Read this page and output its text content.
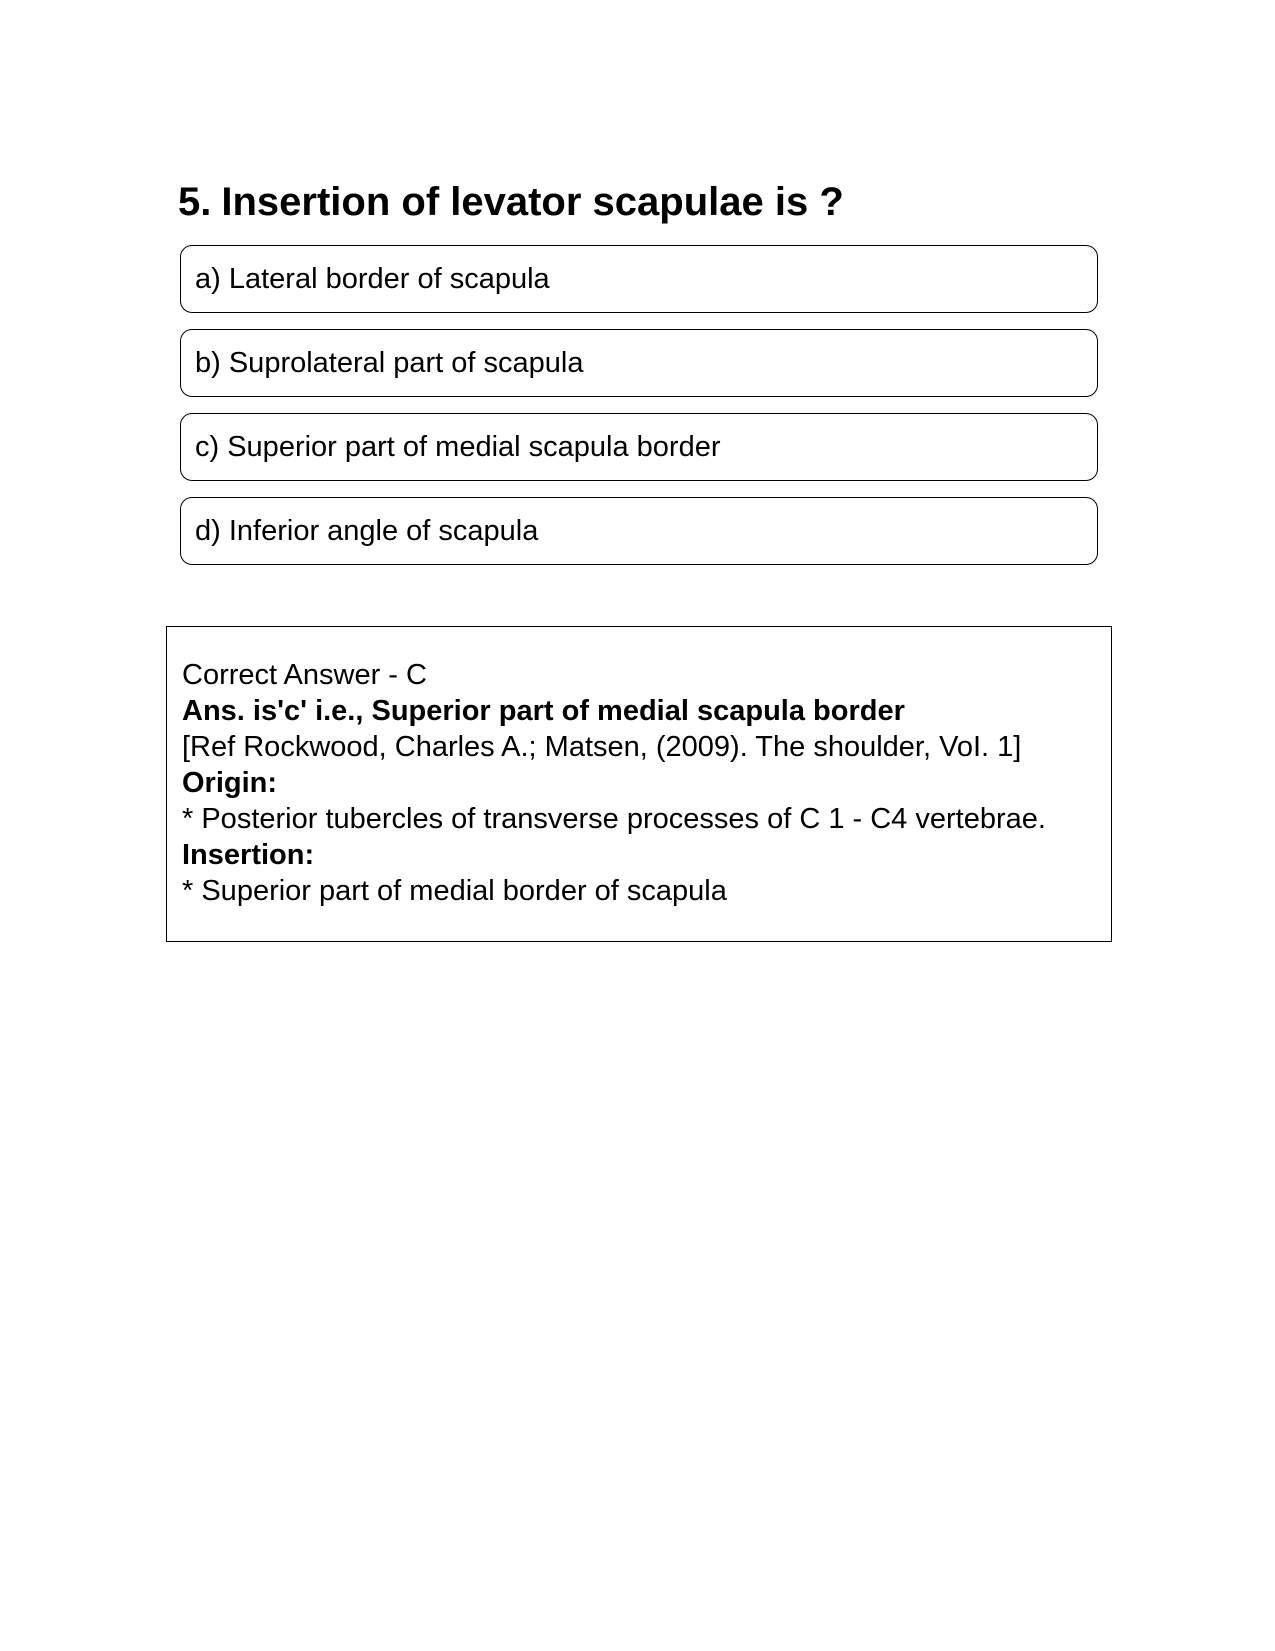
5. Insertion of levator scapulae is ?
a) Lateral border of scapula
b) Suprolateral part of scapula
c) Superior part of medial scapula border
d) Inferior angle of scapula
Correct Answer - C
Ans. is'c' i.e., Superior part of medial scapula border
[Ref Rockwood, Charles A.; Matsen, (2009). The shoulder, VoI. 1]
Origin:
* Posterior tubercles of transverse processes of C 1 - C4 vertebrae.
Insertion:
* Superior part of medial border of scapula
